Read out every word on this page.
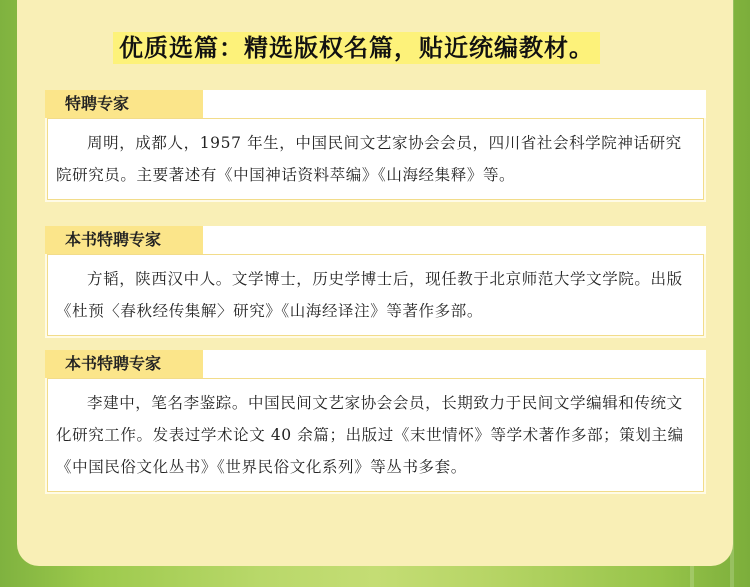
优质选篇：精选版权名篇，贴近统编教材。
特聘专家
周明，成都人，1957 年生，中国民间文艺家协会会员，四川省社会科学院神话研究院研究员。主要著述有《中国神话资料萃编》《山海经集释》等。
本书特聘专家
方韬，陕西汉中人。文学博士，历史学博士后，现任教于北京师范大学文学院。出版《杜预〈春秋经传集解〉研究》《山海经译注》等著作多部。
本书特聘专家
李建中，笔名李鉴踪。中国民间文艺家协会会员，长期致力于民间文学编辑和传统文化研究工作。发表过学术论文 40 余篇；出版过《末世情怀》等学术著作多部；策划主编《中国民俗文化丛书》《世界民俗文化系列》等丛书多套。
